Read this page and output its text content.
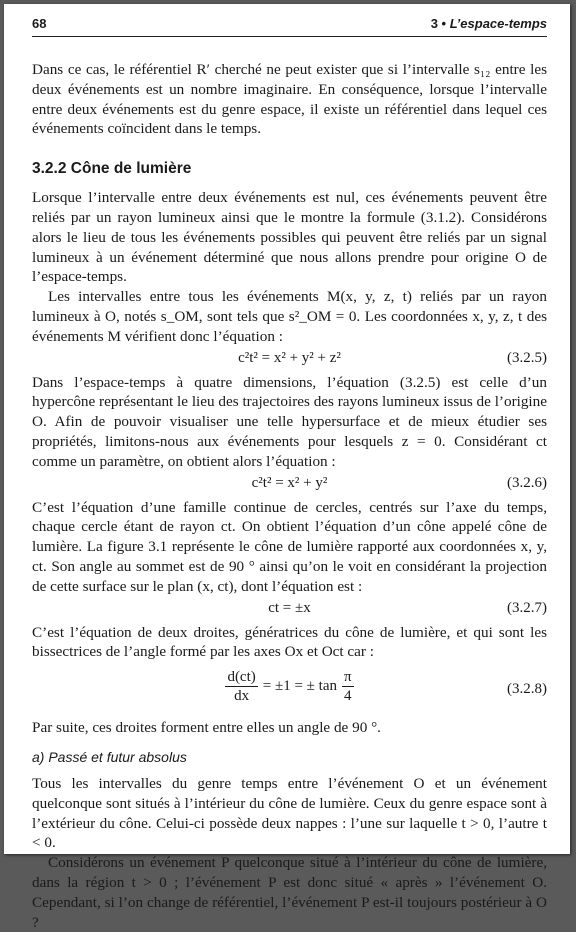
68	3 • L’espace-temps

Dans ce cas, le référentiel R′ cherché ne peut exister que si l’intervalle s₁₂ entre les deux événements est un nombre imaginaire. En conséquence, lorsque l’intervalle entre deux événements est du genre espace, il existe un référentiel dans lequel ces événements coïncident dans le temps.

3.2.2 Cône de lumière

Lorsque l’intervalle entre deux événements est nul, ces événements peuvent être reliés par un rayon lumineux ainsi que le montre la formule (3.1.2). Considérons alors le lieu de tous les événements possibles qui peuvent être reliés par un signal lumineux à un événement déterminé que nous allons prendre pour origine O de l’espace-temps.

Les intervalles entre tous les événements M(x, y, z, t) reliés par un rayon lumineux à O, notés s_OM, sont tels que s²_OM = 0. Les coordonnées x, y, z, t des événements M vérifient donc l’équation :

c²t² = x² + y² + z²	(3.2.5)

Dans l’espace-temps à quatre dimensions, l’équation (3.2.5) est celle d’un hypercône représentant le lieu des trajectoires des rayons lumineux issus de l’origine O. Afin de pouvoir visualiser une telle hypersurface et de mieux étudier ses propriétés, limitons-nous aux événements pour lesquels z = 0. Considérant ct comme un paramètre, on obtient alors l’équation :

c²t² = x² + y²	(3.2.6)

C’est l’équation d’une famille continue de cercles, centrés sur l’axe du temps, chaque cercle étant de rayon ct. On obtient l’équation d’un cône appelé cône de lumière. La figure 3.1 représente le cône de lumière rapporté aux coordonnées x, y, ct. Son angle au sommet est de 90 ° ainsi qu’on le voit en considérant la projection de cette surface sur le plan (x, ct), dont l’équation est :

ct = ±x	(3.2.7)

C’est l’équation de deux droites, génératrices du cône de lumière, et qui sont les bissectrices de l’angle formé par les axes Ox et Oct car :

$\frac{d(ct)}{dx} = \pm 1$ = ± $\tan \frac{\pi}{4}$	(3.2.8)

Par suite, ces droites forment entre elles un angle de 90 °.

a) Passé et futur absolus

Tous les intervalles du genre temps entre l’événement O et un événement quelconque sont situés à l’intérieur du cône de lumière. Ceux du genre espace sont à l’extérieur du cône. Celui-ci possède deux nappes : l’une sur laquelle t > 0, l’autre t < 0.

Considérons un événement P quelconque situé à l’intérieur du cône de lumière, dans la région t > 0 ; l’événement P est donc situé « après » l’événement O. Cependant, si l’on change de référentiel, l’événement P est-il toujours postérieur à O ?
